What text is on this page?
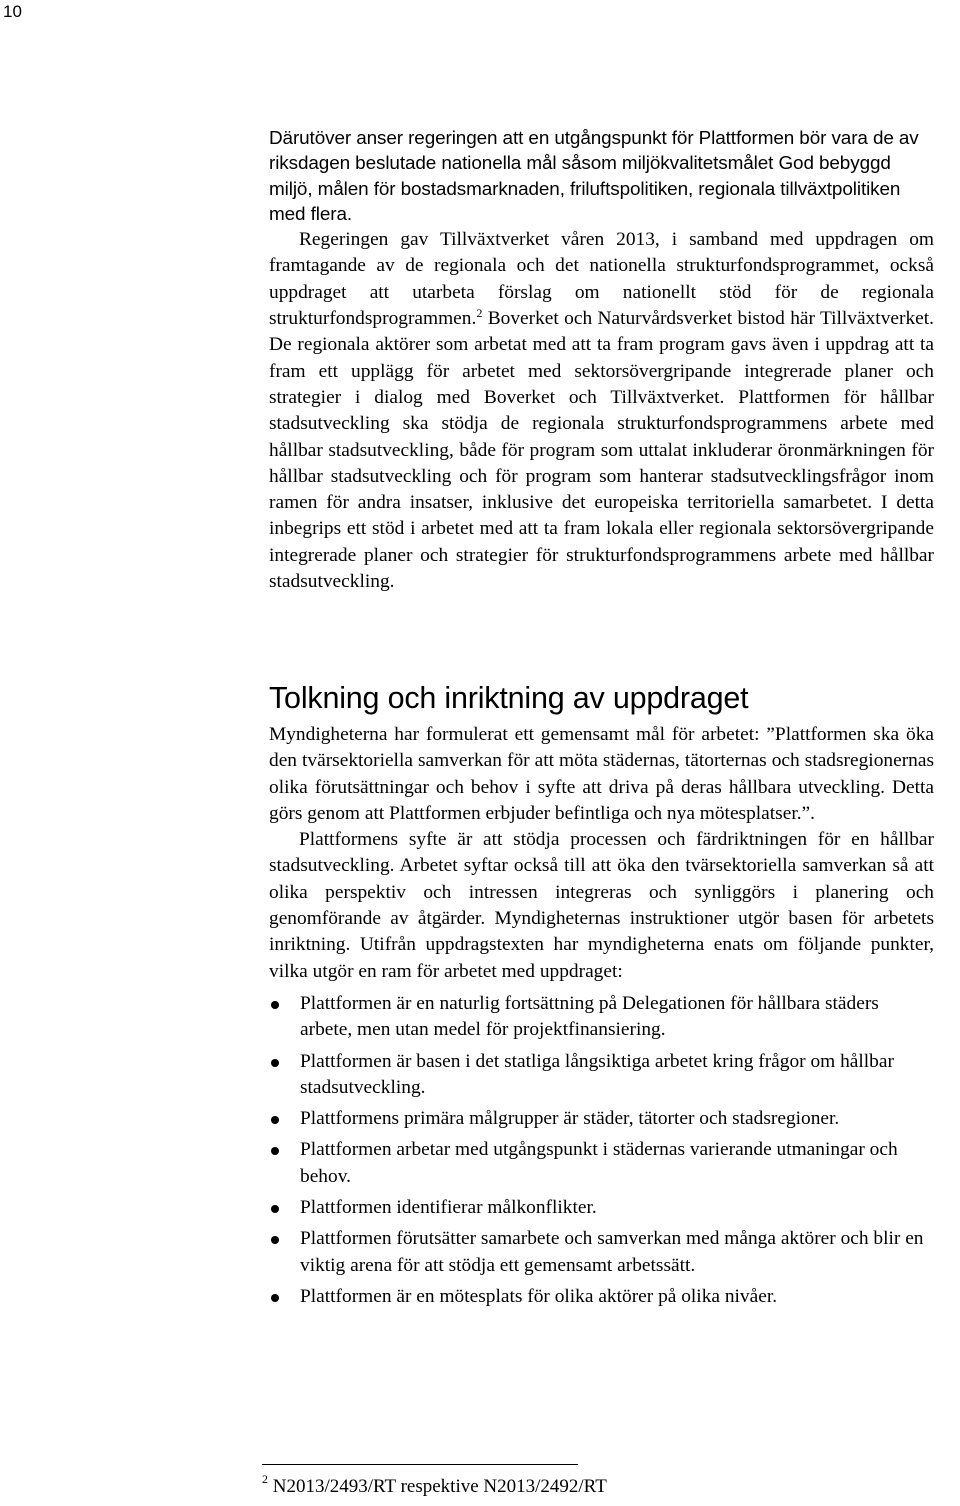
10

Därutöver anser regeringen att en utgångspunkt för Plattformen bör vara de av riksdagen beslutade nationella mål såsom miljökvalitetsmålet God bebyggd miljö, målen för bostadsmarknaden, friluftspolitiken, regionala tillväxtpolitiken med flera.

Regeringen gav Tillväxtverket våren 2013, i samband med uppdragen om framtagande av de regionala och det nationella strukturfondsprogrammet, också uppdraget att utarbeta förslag om nationellt stöd för de regionala strukturfondsprogrammen.$^2$ Boverket och Naturvårdsverket bistod här Tillväxtverket. De regionala aktörer som arbetat med att ta fram program gavs även i uppdrag att ta fram ett upplägg för arbetet med sektorsövergripande integrerade planer och strategier i dialog med Boverket och Tillväxtverket. Plattformen för hållbar stadsutveckling ska stödja de regionala strukturfondsprogrammens arbete med hållbar stadsutveckling, både för program som uttalat inkluderar öronmärkningen för hållbar stadsutveckling och för program som hanterar stadsutvecklingsfrågor inom ramen för andra insatser, inklusive det europeiska territoriella samarbetet. I detta inbegrips ett stöd i arbetet med att ta fram lokala eller regionala sektorsövergripande integrerade planer och strategier för strukturfondsprogrammens arbete med hållbar stadsutveckling.

Tolkning och inriktning av uppdraget

Myndigheterna har formulerat ett gemensamt mål för arbetet: ”Plattformen ska öka den tvärsektoriella samverkan för att möta städernas, tätorternas och stadsregionernas olika förutsättningar och behov i syfte att driva på deras hållbara utveckling. Detta görs genom att Plattformen erbjuder befintliga och nya mötesplatser.”.

Plattformens syfte är att stödja processen och färdriktningen för en hållbar stadsutveckling. Arbetet syftar också till att öka den tvärsektoriella samverkan så att olika perspektiv och intressen integreras och synliggörs i planering och genomförande av åtgärder. Myndigheternas instruktioner utgör basen för arbetets inriktning. Utifrån uppdragstexten har myndigheterna enats om följande punkter, vilka utgör en ram för arbetet med uppdraget:

Plattformen är en naturlig fortsättning på Delegationen för hållbara städers arbete, men utan medel för projektfinansiering.
Plattformen är basen i det statliga långsiktiga arbetet kring frågor om hållbar stadsutveckling.
Plattformens primära målgrupper är städer, tätorter och stadsregioner.
Plattformen arbetar med utgångspunkt i städernas varierande utmaningar och behov.
Plattformen identifierar målkonflikter.
Plattformen förutsätter samarbete och samverkan med många aktörer och blir en viktig arena för att stödja ett gemensamt arbetssätt.
Plattformen är en mötesplats för olika aktörer på olika nivåer.
$^2$ N2013/2493/RT respektive N2013/2492/RT
